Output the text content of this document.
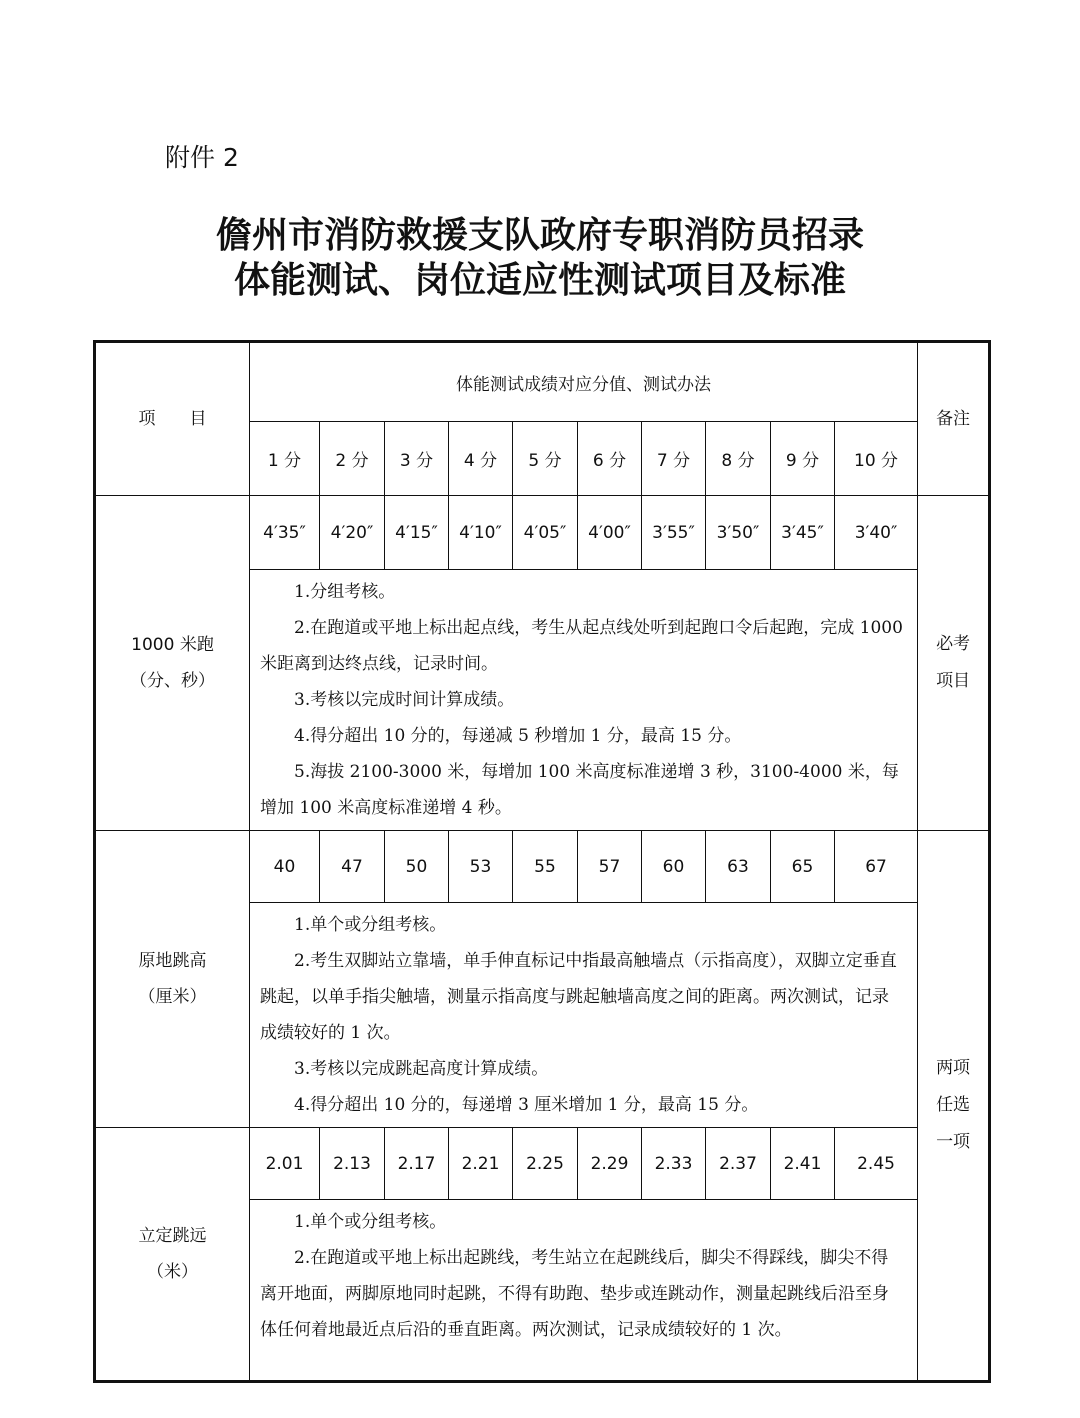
附件 2
儋州市消防救援支队政府专职消防员招录
体能测试、岗位适应性测试项目及标准
项　　目	体能测试成绩对应分值、测试办法										备注
	1 分	2 分	3 分	4 分	5 分	6 分	7 分	8 分	9 分	10 分	

1000 米跑
（分、秒）	4′35″	4′20″	4′15″	4′10″	4′05″	4′00″	3′55″	3′50″	3′45″	3′40″	必考项目

	1.分组考核。

2.在跑道或平地上标出起点线，考生从起点线处听到起跑口令后起跑，完成 1000 米距离到达终点线，记录时间。

3.考核以完成时间计算成绩。

4.得分超出 10 分的，每递减 5 秒增加 1 分，最高 15 分。

5.海拔 2100-3000 米，每增加 100 米高度标准递增 3 秒，3100-4000 米，每增加 100 米高度标准递增 4 秒。										

原地跳高
（厘米）	40	47	50	53	55	57	60	63	65	67	两项任选一项

	1.单个或分组考核。

2.考生双脚站立靠墙，单手伸直标记中指最高触墙点（示指高度），双脚立定垂直跳起，以单手指尖触墙，测量示指高度与跳起触墙高度之间的距离。两次测试，记录成绩较好的 1 次。

3.考核以完成跳起高度计算成绩。

4.得分超出 10 分的，每递增 3 厘米增加 1 分，最高 15 分。										

立定跳远
（米）	2.01	2.13	2.17	2.21	2.25	2.29	2.33	2.37	2.41	2.45	

	1.单个或分组考核。

2.在跑道或平地上标出起跳线，考生站立在起跳线后，脚尖不得踩线，脚尖不得离开地面，两脚原地同时起跳，不得有助跑、垫步或连跳动作，测量起跳线后沿至身体任何着地最近点后沿的垂直距离。两次测试，记录成绩较好的 1 次。										
